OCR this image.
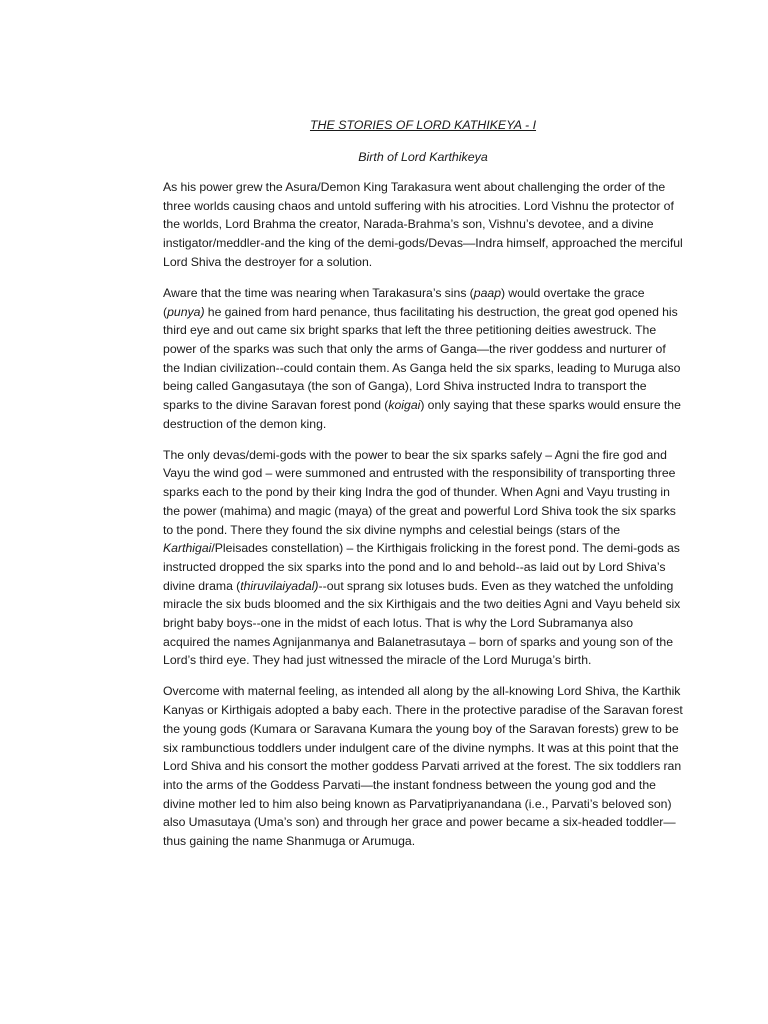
THE STORIES OF LORD KATHIKEYA - I
Birth of Lord Karthikeya

As his power grew the Asura/Demon King Tarakasura went about challenging the order of the three worlds causing chaos and untold suffering with his atrocities. Lord Vishnu the protector of the worlds, Lord Brahma the creator, Narada-Brahma’s son, Vishnu’s devotee, and a divine instigator/meddler-and the king of the demi-gods/Devas—Indra himself, approached the merciful Lord Shiva the destroyer for a solution.

Aware that the time was nearing when Tarakasura’s sins (paap) would overtake the grace (punya) he gained from hard penance, thus facilitating his destruction, the great god opened his third eye and out came six bright sparks that left the three petitioning deities awestruck. The power of the sparks was such that only the arms of Ganga—the river goddess and nurturer of the Indian civilization--could contain them. As Ganga held the six sparks, leading to Muruga also being called Gangasutaya (the son of Ganga), Lord Shiva instructed Indra to transport the sparks to the divine Saravan forest pond (koigai) only saying that these sparks would ensure the destruction of the demon king.

The only devas/demi-gods with the power to bear the six sparks safely – Agni the fire god and Vayu the wind god – were summoned and entrusted with the responsibility of transporting three sparks each to the pond by their king Indra the god of thunder. When Agni and Vayu trusting in the power (mahima) and magic (maya) of the great and powerful Lord Shiva took the six sparks to the pond. There they found the six divine nymphs and celestial beings (stars of the Karthigai/Pleisades constellation) – the Kirthigais frolicking in the forest pond. The demi-gods as instructed dropped the six sparks into the pond and lo and behold--as laid out by Lord Shiva’s divine drama (thiruvilaiyadal)--out sprang six lotuses buds. Even as they watched the unfolding miracle the six buds bloomed and the six Kirthigais and the two deities Agni and Vayu beheld six bright baby boys--one in the midst of each lotus. That is why the Lord Subramanya also acquired the names Agnijanmanya and Balanetrasutaya – born of sparks and young son of the Lord’s third eye. They had just witnessed the miracle of the Lord Muruga’s birth.

Overcome with maternal feeling, as intended all along by the all-knowing Lord Shiva, the Karthik Kanyas or Kirthigais adopted a baby each. There in the protective paradise of the Saravan forest the young gods (Kumara or Saravana Kumara the young boy of the Saravan forests) grew to be six rambunctious toddlers under indulgent care of the divine nymphs. It was at this point that the Lord Shiva and his consort the mother goddess Parvati arrived at the forest. The six toddlers ran into the arms of the Goddess Parvati—the instant fondness between the young god and the divine mother led to him also being known as Parvatipriyanandana (i.e., Parvati’s beloved son) also Umasutaya (Uma’s son) and through her grace and power became a six-headed toddler—thus gaining the name Shanmuga or Arumuga.
